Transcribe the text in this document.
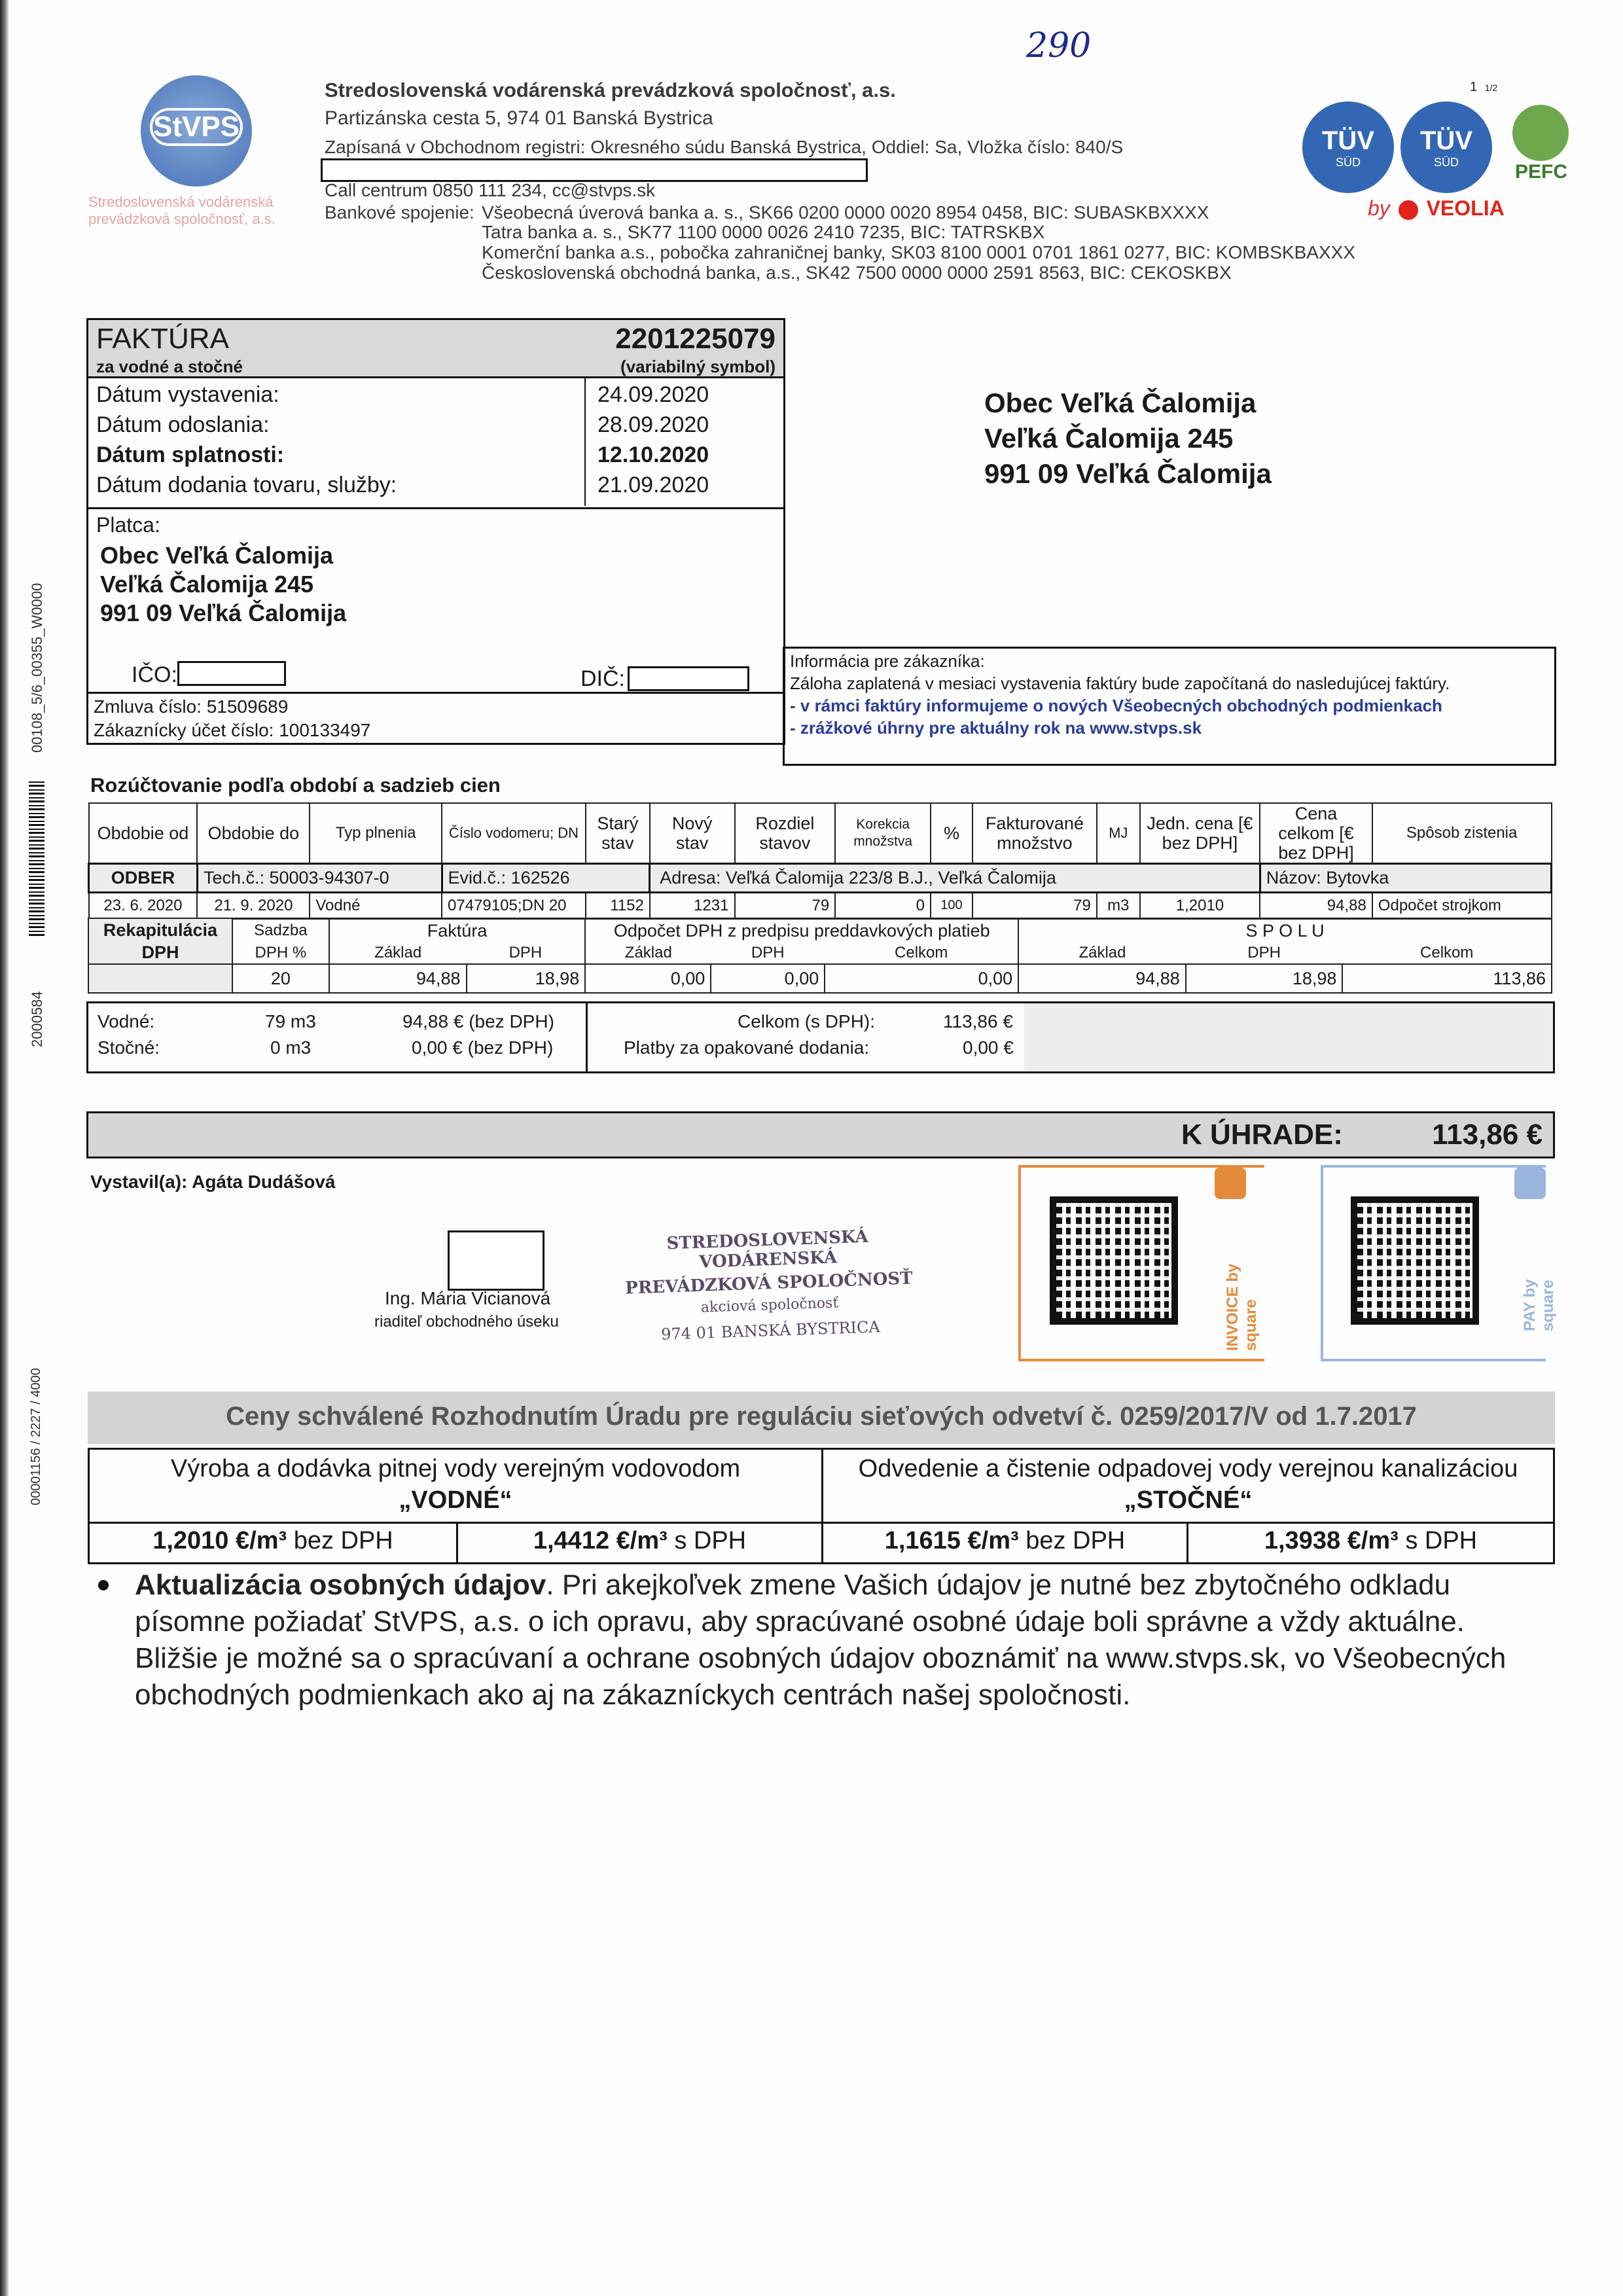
290
1 1/2
StVPS
Stredoslovenská vodárenská
prevádzková spoločnosť, a.s.
Stredoslovenská vodárenská prevádzková spoločnosť, a.s.
Partizánska cesta 5, 974 01 Banská Bystrica
Zapísaná v Obchodnom registri: Okresného súdu Banská Bystrica, Oddiel: Sa, Vložka číslo: 840/S
Call centrum 0850 111 234, cc@stvps.sk
Bankové spojenie: Všeobecná úverová banka a. s., SK66 0200 0000 0020 8954 0458, BIC: SUBASKBXXXX
Tatra banka a. s., SK77 1100 0000 0026 2410 7235, BIC: TATRSKBX
Komerční banka a.s., pobočka zahraničnej banky, SK03 8100 0001 0701 1861 0277, BIC: KOMBSKBAXXX
Československá obchodná banka, a.s., SK42 7500 0000 0000 2591 8563, BIC: CEKOSKBX
TÜV
SÜD
TÜV
SÜD	PEFC
by VEOLIA
FAKTÚRA
za vodné a stočné
2201225079
(variabilný symbol)
Dátum vystavenia:	24.09.2020
Dátum odoslania:	28.09.2020
Dátum splatnosti:	12.10.2020
Dátum dodania tovaru, služby:	21.09.2020
Platca:
Obec Veľká Čalomija
Veľká Čalomija 245
991 09 Veľká Čalomija
IČO:	DIČ:
Zmluva číslo: 51509689
Zákaznícky účet číslo: 100133497
Obec Veľká Čalomija
Veľká Čalomija 245
991 09 Veľká Čalomija
Informácia pre zákazníka:
Záloha zaplatená v mesiaci vystavenia faktúry bude započítaná do nasledujúcej faktúry.
- v rámci faktúry informujeme o nových Všeobecných obchodných podmienkach
- zrážkové úhrny pre aktuálny rok na www.stvps.sk
Rozúčtovanie podľa období a sadzieb cien
Obdobie od	Obdobie do	Typ plnenia	Číslo vodomeru; DN	Starý stav	Nový stav	Rozdiel stavov	Korekcia množstva	%	Fakturované množstvo	MJ	Jedn. cena [€ bez DPH]	Cena celkom [€ bez DPH]	Spôsob zistenia
ODBER	Tech.č.: 50003-94307-0		Evid.č.: 162526		Adresa: Veľká Čalomija 223/8 B.J., Veľká Čalomija							Názov: Bytovka	
23. 6. 2020	21. 9. 2020	Vodné	07479105;DN 20	1152	1231	79	0	100	79	m3	1,2010	94,88	Odpočet strojkom
Rekapitulácia
DPH	Sadzba	Faktúra		Odpočet DPH z predpisu preddavkových platieb			S P O L U		
	DPH %	Základ	DPH	Základ	DPH	Celkom	Základ	DPH	Celkom
	20	94,88	18,98	0,00	0,00	0,00	94,88	18,98	113,86
Vodné:	79 m3	94,88 € (bez DPH)
Stočné:	0 m3	0,00 € (bez DPH)
Celkom (s DPH):	113,86 €
Platby za opakované dodania:	0,00 €
K ÚHRADE:	113,86 €
Vystavil(a): Agáta Dudášová
Ing. Mária Vicianová
riaditeľ obchodného úseku
STREDOSLOVENSKÁ VODÁRENSKÁ
PREVÁDZKOVÁ SPOLOČNOSŤ
akciová spoločnosť
974 01 BANSKÁ BYSTRICA	INVOICE by square	PAY by square
Ceny schválené Rozhodnutím Úradu pre reguláciu sieťových odvetví č. 0259/2017/V od 1.7.2017
Výroba a dodávka pitnej vody verejným vodovodom
„VODNÉ“
Odvedenie a čistenie odpadovej vody verejnou kanalizáciou
„STOČNÉ“
1,2010 €/m³ bez DPH	1,4412 €/m³ s DPH	1,1615 €/m³ bez DPH	1,3938 €/m³ s DPH
Aktualizácia osobných údajov. Pri akejkoľvek zmene Vašich údajov je nutné bez zbytočného odkladu písomne požiadať StVPS, a.s. o ich opravu, aby spracúvané osobné údaje boli správne a vždy aktuálne. Bližšie je možné sa o spracúvaní a ochrane osobných údajov oboznámiť na www.stvps.sk, vo Všeobecných obchodných podmienkach ako aj na zákazníckych centrách našej spoločnosti.
00108_5/6_00355_W0000
2000584
00001156 / 2227 / 4000
